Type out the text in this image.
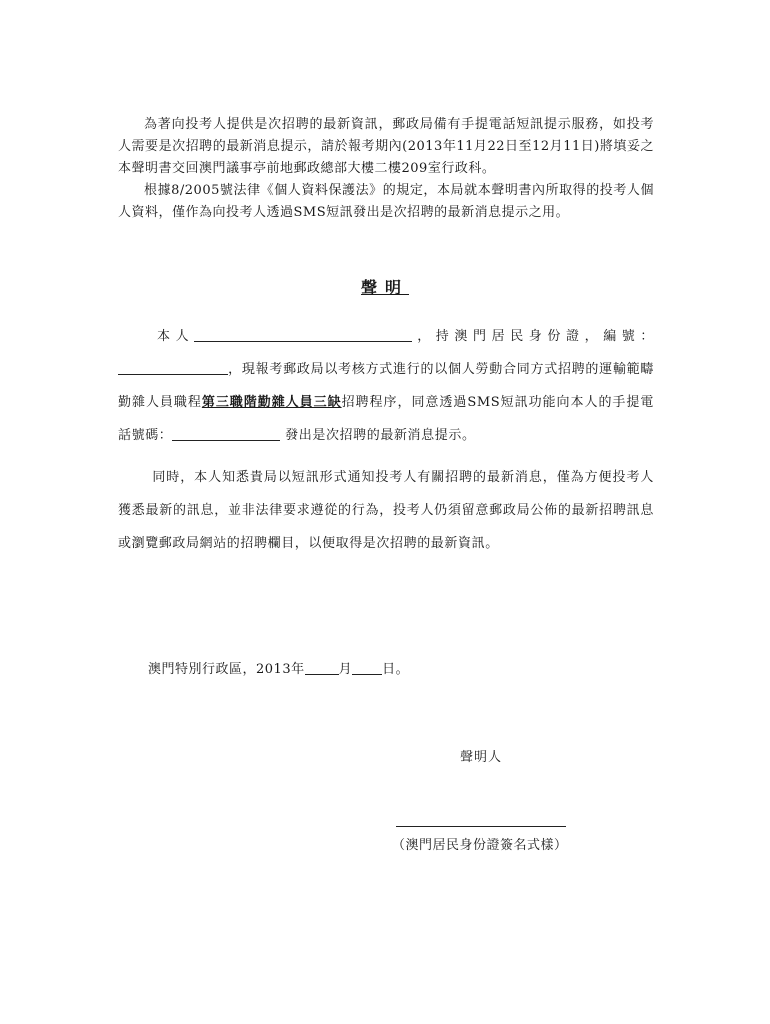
為著向投考人提供是次招聘的最新資訊，郵政局備有手提電話短訊提示服務，如投考人需要是次招聘的最新消息提示，請於報考期內(2013年11月22日至12月11日)將填妥之本聲明書交回澳門議事亭前地郵政總部大樓二樓209室行政科。

根據8/2005號法律《個人資料保護法》的規定，本局就本聲明書內所取得的投考人個人資料，僅作為向投考人透過SMS短訊發出是次招聘的最新消息提示之用。

聲明

本人	，持澳門居民身份證，編號：，現報考郵政局以考核方式進行的以個人勞動合同方式招聘的運輸範疇勤雜人員職程第三職階勤雜人員三缺招聘程序，同意透過SMS短訊功能向本人的手提電話號碼：	發出是次招聘的最新消息提示。

同時，本人知悉貴局以短訊形式通知投考人有關招聘的最新消息，僅為方便投考人獲悉最新的訊息，並非法律要求遵從的行為，投考人仍須留意郵政局公佈的最新招聘訊息或瀏覽郵政局網站的招聘欄目，以便取得是次招聘的最新資訊。

澳門特別行政區，2013年	月 日。
聲明人
（澳門居民身份證簽名式樣）
